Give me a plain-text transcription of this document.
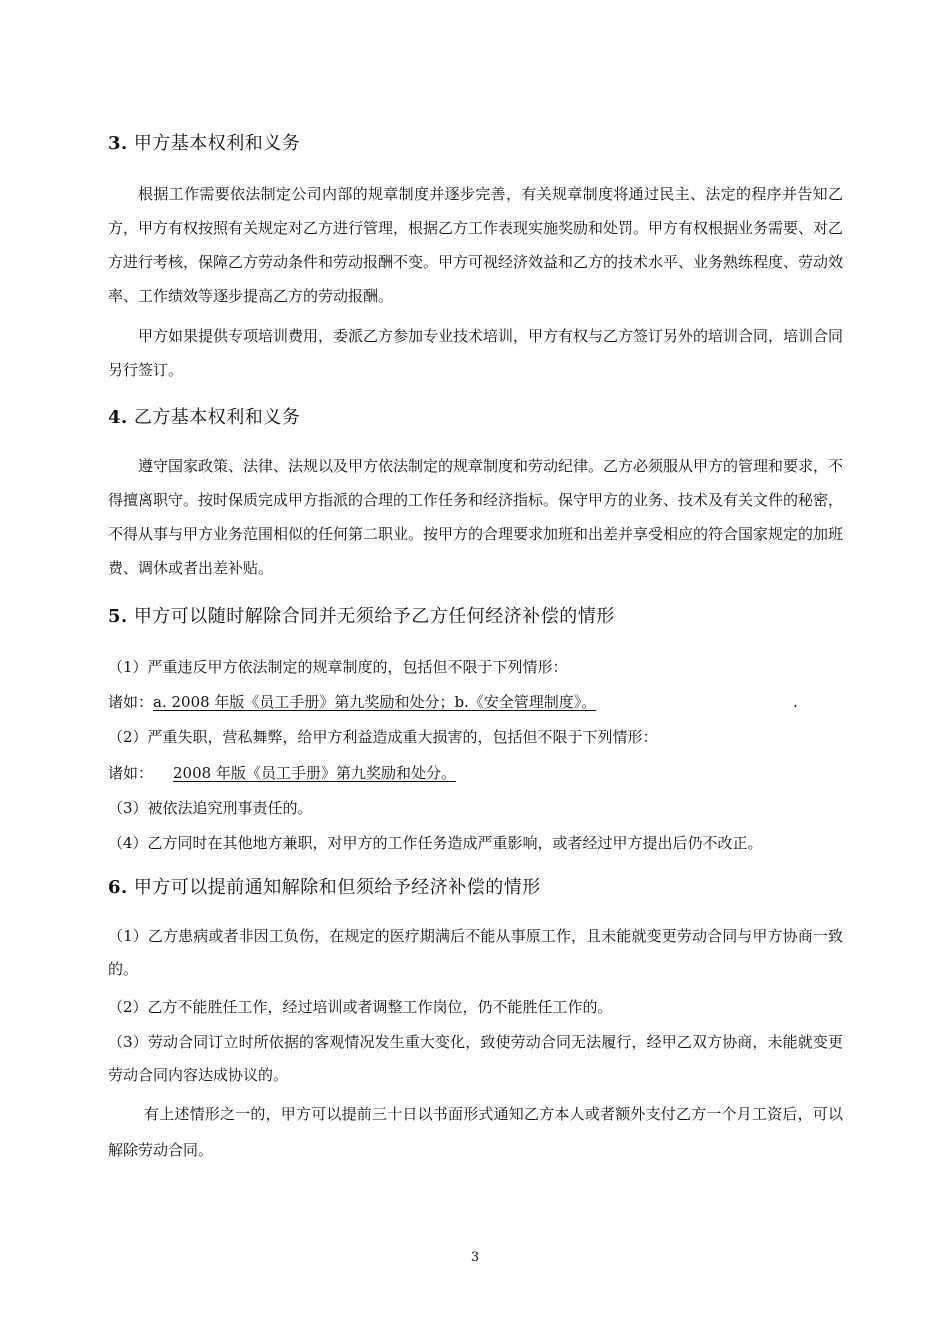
3. 甲方基本权利和义务
根据工作需要依法制定公司内部的规章制度并逐步完善，有关规章制度将通过民主、法定的程序并告知乙方，甲方有权按照有关规定对乙方进行管理，根据乙方工作表现实施奖励和处罚。甲方有权根据业务需要、对乙方进行考核，保障乙方劳动条件和劳动报酬不变。甲方可视经济效益和乙方的技术水平、业务熟练程度、劳动效率、工作绩效等逐步提高乙方的劳动报酬。
甲方如果提供专项培训费用，委派乙方参加专业技术培训，甲方有权与乙方签订另外的培训合同，培训合同另行签订。
4. 乙方基本权利和义务
遵守国家政策、法律、法规以及甲方依法制定的规章制度和劳动纪律。乙方必须服从甲方的管理和要求，不得擅离职守。按时保质完成甲方指派的合理的工作任务和经济指标。保守甲方的业务、技术及有关文件的秘密，不得从事与甲方业务范围相似的任何第二职业。按甲方的合理要求加班和出差并享受相应的符合国家规定的加班费、调休或者出差补贴。
5. 甲方可以随时解除合同并无须给予乙方任何经济补偿的情形
（1）严重违反甲方依法制定的规章制度的，包括但不限于下列情形：
诸如：a. 2008 年版《员工手册》第九奖励和处分；b.《安全管理制度》。	.
（2）严重失职，营私舞弊，给甲方利益造成重大损害的，包括但不限于下列情形：
诸如： 2008 年版《员工手册》第九奖励和处分。
（3）被依法追究刑事责任的。
（4）乙方同时在其他地方兼职，对甲方的工作任务造成严重影响，或者经过甲方提出后仍不改正。
6. 甲方可以提前通知解除和但须给予经济补偿的情形
（1）乙方患病或者非因工负伤，在规定的医疗期满后不能从事原工作，且未能就变更劳动合同与甲方协商一致的。
（2）乙方不能胜任工作，经过培训或者调整工作岗位，仍不能胜任工作的。
（3）劳动合同订立时所依据的客观情况发生重大变化，致使劳动合同无法履行，经甲乙双方协商，未能就变更劳动合同内容达成协议的。
有上述情形之一的，甲方可以提前三十日以书面形式通知乙方本人或者额外支付乙方一个月工资后，可以解除劳动合同。
3
